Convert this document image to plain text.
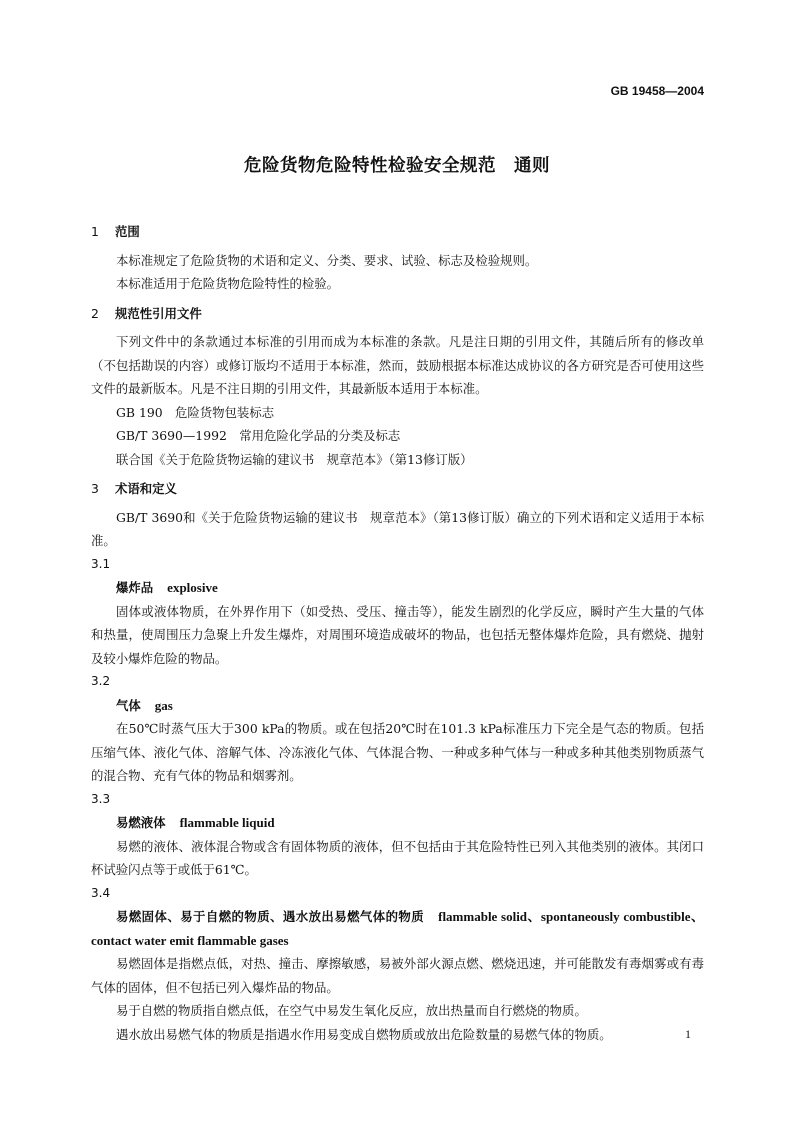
GB 19458—2004
危险货物危险特性检验安全规范　通则
1 范围

本标准规定了危险货物的术语和定义、分类、要求、试验、标志及检验规则。

本标准适用于危险货物危险特性的检验。

2 规范性引用文件

下列文件中的条款通过本标准的引用而成为本标准的条款。凡是注日期的引用文件，其随后所有的修改单（不包括勘误的内容）或修订版均不适用于本标准，然而，鼓励根据本标准达成协议的各方研究是否可使用这些文件的最新版本。凡是不注日期的引用文件，其最新版本适用于本标准。

GB 190　危险货物包装标志

GB/T 3690—1992　常用危险化学品的分类及标志

联合国《关于危险货物运输的建议书　规章范本》（第13修订版）

3 术语和定义

GB/T 3690和《关于危险货物运输的建议书　规章范本》（第13修订版）确立的下列术语和定义适用于本标准。

3.1

爆炸品 explosive

固体或液体物质，在外界作用下（如受热、受压、撞击等），能发生剧烈的化学反应，瞬时产生大量的气体和热量，使周围压力急聚上升发生爆炸，对周围环境造成破坏的物品，也包括无整体爆炸危险，具有燃烧、抛射及较小爆炸危险的物品。

3.2

气体 gas

在50℃时蒸气压大于300 kPa的物质。或在包括20℃时在101.3 kPa标准压力下完全是气态的物质。包括压缩气体、液化气体、溶解气体、冷冻液化气体、气体混合物、一种或多种气体与一种或多种其他类别物质蒸气的混合物、充有气体的物品和烟雾剂。

3.3

易燃液体 flammable liquid

易燃的液体、液体混合物或含有固体物质的液体，但不包括由于其危险特性已列入其他类别的液体。其闭口杯试验闪点等于或低于61℃。

3.4

易燃固体、易于自燃的物质、遇水放出易燃气体的物质 flammable solid、spontaneously combustible、contact water emit flammable gases

易燃固体是指燃点低，对热、撞击、摩擦敏感，易被外部火源点燃、燃烧迅速，并可能散发有毒烟雾或有毒气体的固体，但不包括已列入爆炸品的物品。

易于自燃的物质指自燃点低，在空气中易发生氧化反应，放出热量而自行燃烧的物质。

遇水放出易燃气体的物质是指遇水作用易变成自燃物质或放出危险数量的易燃气体的物质。	1
